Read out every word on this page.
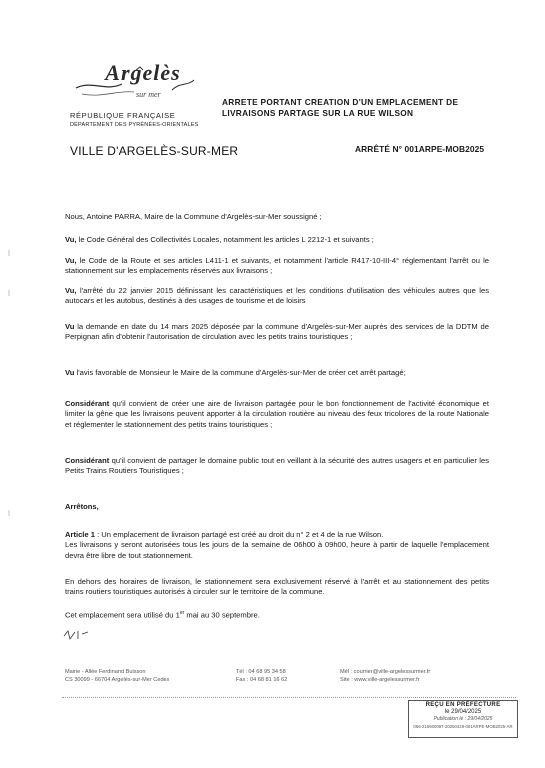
Argelès
sur mer
RÉPUBLIQUE FRANÇAISE
DÉPARTEMENT DES PYRÉNÉES-ORIENTALES
VILLE D'ARGELÈS-SUR-MER
ARRETE PORTANT CREATION D'UN EMPLACEMENT DE
LIVRAISONS PARTAGE SUR LA RUE WILSON
ARRÊTÉ N° 001ARPE-MOB2025
Nous, Antoine PARRA, Maire de la Commune d'Argelès-sur-Mer soussigné ;
Vu, le Code Général des Collectivités Locales, notamment les articles L 2212-1 et suivants ;
Vu, le Code de la Route et ses articles L411-1 et suivants, et notamment l'article R417-10-III-4° réglementant l'arrêt ou le stationnement sur les emplacements réservés aux livraisons ;
Vu, l'arrêté du 22 janvier 2015 définissant les caractéristiques et les conditions d'utilisation des véhicules autres que les autocars et les autobus, destinés à des usages de tourisme et de loisirs
Vu la demande en date du 14 mars 2025 déposée par la commune d'Argelès-sur-Mer auprès des services de la DDTM de Perpignan afin d'obtenir l'autorisation de circulation avec les petits trains touristiques ;
Vu l'avis favorable de Monsieur le Maire de la commune d'Argelès-sur-Mer de créer cet arrêt partagé;
Considérant qu'il convient de créer une aire de livraison partagée pour le bon fonctionnement de l'activité économique et limiter la gêne que les livraisons peuvent apporter à la circulation routière au niveau des feux tricolores de la route Nationale et réglementer le stationnement des petits trains touristiques ;
Considérant qu'il convient de partager le domaine public tout en veillant à la sécurité des autres usagers et en particulier les Petits Trains Routiers Touristiques ;
Arrêtons,
Article 1 : Un emplacement de livraison partagé est créé au droit du n° 2 et 4 de la rue Wilson.
Les livraisons y seront autorisées tous les jours de la semaine de 06h00 à 09h00, heure à partir de laquelle l'emplacement devra être libre de tout stationnement.
En dehors des horaires de livraison, le stationnement sera exclusivement réservé à l'arrêt et au stationnement des petits trains routiers touristiques autorisés à circuler sur le territoire de la commune.
Cet emplacement sera utilisé du 1er mai au 30 septembre.
Mairie - Allée Ferdinand Buisson
CS 30099 - 66704 Argelès-sur-Mer Cedex
Tél : 04 68 95 34 58
Fax : 04 68 81 16 62
Mél : courrier@ville-argelessurmer.fr
Site : www.ville-argelessurmer.fr
REÇU EN PRÉFECTURE
le 29/04/2025
Publication le : 29/04/2025
066-216600087-20250429-001ARPE-MOB2025-AR
